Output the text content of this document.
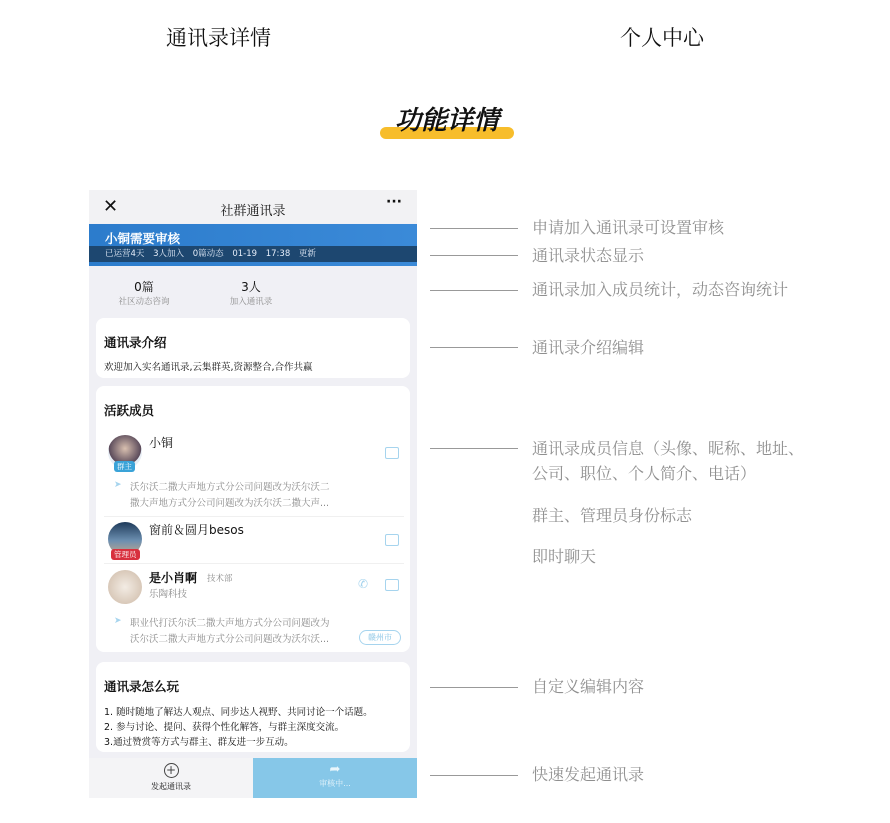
通讯录详情	个人中心
功能详情
✕	社群通讯录
···
小铜需要审核
已运营4天 3人加入 0篇动态 01-19 17:38 更新
0篇
社区动态咨询
3人
加入通讯录
通讯录介绍
欢迎加入实名通讯录,云集群英,资源整合,合作共赢
活跃成员
群主
小铜
➤ 沃尔沃二撒大声地方式分公司问题改为沃尔沃二
撒大声地方式分公司问题改为沃尔沃二撒大声...
管理员
窗前＆圆月besos
是小肖啊 技术部
乐陶科技
✆
➤ 职业代打沃尔沃二撒大声地方式分公司问题改为
沃尔沃二撒大声地方式分公司问题改为沃尔沃...	赣州市
通讯录怎么玩
1. 随时随地了解达人观点、同步达人视野、共同讨论一个话题。
2. 参与讨论、提问、获得个性化解答，与群主深度交流。
3.通过赞赏等方式与群主、群友进一步互动。
+
发起通讯录
➦
审核中...
申请加入通讯录可设置审核
通讯录状态显示
通讯录加入成员统计，动态咨询统计
通讯录介绍编辑
通讯录成员信息（头像、昵称、地址、
公司、职位、个人简介、电话）
群主、管理员身份标志
即时聊天
自定义编辑内容
快速发起通讯录
